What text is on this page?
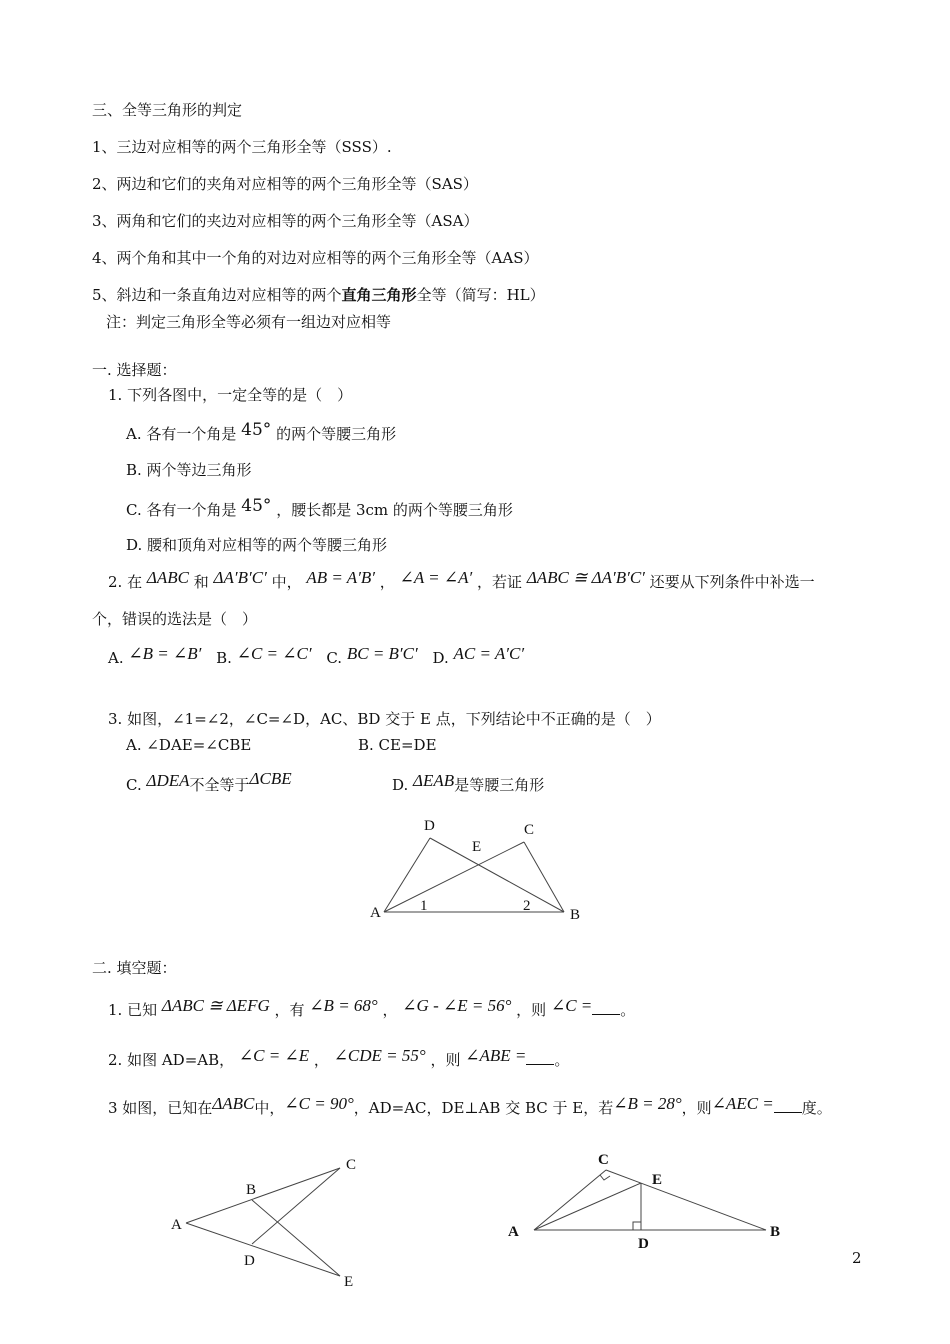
三、全等三角形的判定
1、三边对应相等的两个三角形全等（SSS）.
2、两边和它们的夹角对应相等的两个三角形全等（SAS）
3、两角和它们的夹边对应相等的两个三角形全等（ASA）
4、两个角和其中一个角的对边对应相等的两个三角形全等（AAS）
5、斜边和一条直角边对应相等的两个直角三角形全等（简写：HL）
注：判定三角形全等必须有一组边对应相等
一. 选择题：
1. 下列各图中，一定全等的是（　）
A. 各有一个角是 45° 的两个等腰三角形
B. 两个等边三角形
C. 各有一个角是 45° ，腰长都是 3cm 的两个等腰三角形
D. 腰和顶角对应相等的两个等腰三角形
2. 在 ΔABC 和 ΔA′B′C′ 中， AB = A′B′ ， ∠A = ∠A′ ，若证 ΔABC ≅ ΔA′B′C′ 还要从下列条件中补选一
个，错误的选法是（　）
A. ∠B = ∠B′ B. ∠C = ∠C′ C. BC = B′C′ D. AC = A′C′
3. 如图，∠1=∠2，∠C=∠D，AC、BD 交于 E 点，下列结论中不正确的是（　）
A. ∠DAE=∠CBE	B. CE=DE
C. ΔDEA不全等于ΔCBE	D. ΔEAB是等腰三角形
D	C
E
A	B
1	2
二. 填空题：
1. 已知 ΔABC ≅ ΔEFG ，有 ∠B = 68° ， ∠G - ∠E = 56° ，则 ∠C = 。
2. 如图 AD=AB， ∠C = ∠E ， ∠CDE = 55° ，则 ∠ABE = 。
3 如图，已知在ΔABC中，∠C = 90°，AD=AC，DE⊥AB 交 BC 于 E，若∠B = 28°，则∠AEC = 度。
C
B
A
D
E
C
E
A
D
B
2
